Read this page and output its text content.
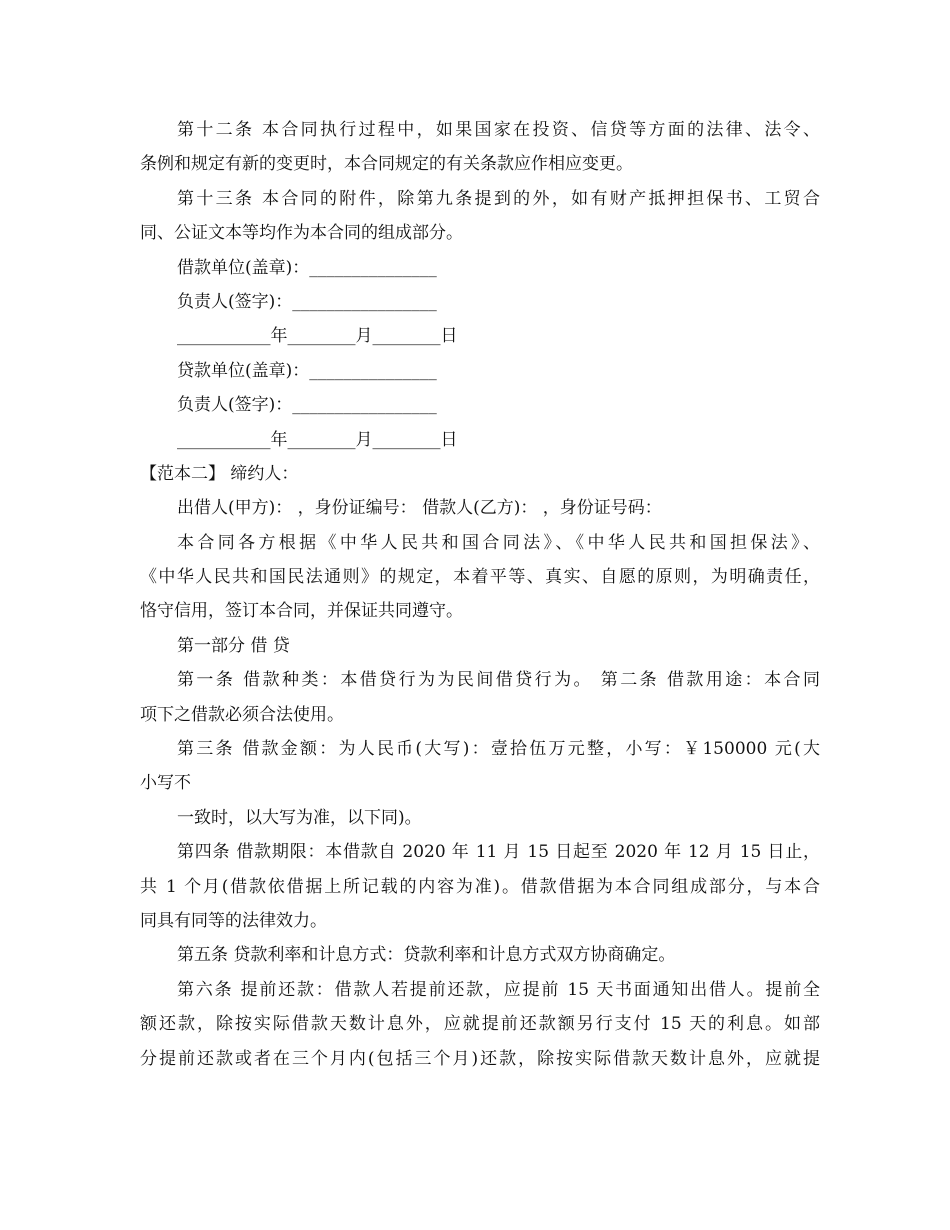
第十二条 本合同执行过程中，如果国家在投资、信贷等方面的法律、法令、
条例和规定有新的变更时，本合同规定的有关条款应作相应变更。
第十三条 本合同的附件，除第九条提到的外，如有财产抵押担保书、工贸合
同、公证文本等均作为本合同的组成部分。
借款单位(盖章)：_______________
负责人(签字)：_________________
___________年________月________日
贷款单位(盖章)：_______________
负责人(签字)：_________________
___________年________月________日
【范本二】 缔约人：
出借人(甲方)： ，身份证编号： 借款人(乙方)： ，身份证号码：
本合同各方根据《中华人民共和国合同法》、《中华人民共和国担保法》、
《中华人民共和国民法通则》的规定，本着平等、真实、自愿的原则，为明确责任，
恪守信用，签订本合同，并保证共同遵守。
第一部分 借 贷
第一条 借款种类：本借贷行为为民间借贷行为。 第二条 借款用途：本合同
项下之借款必须合法使用。
第三条 借款金额：为人民币(大写)：壹拾伍万元整，小写：￥150000 元(大
小写不
一致时，以大写为准，以下同)。
第四条 借款期限：本借款自 2020 年 11 月 15 日起至 2020 年 12 月 15 日止，
共 1 个月(借款依借据上所记载的内容为准)。借款借据为本合同组成部分，与本合
同具有同等的法律效力。
第五条 贷款利率和计息方式：贷款利率和计息方式双方协商确定。
第六条 提前还款：借款人若提前还款，应提前 15 天书面通知出借人。提前全
额还款，除按实际借款天数计息外，应就提前还款额另行支付 15 天的利息。如部
分提前还款或者在三个月内(包括三个月)还款，除按实际借款天数计息外，应就提
